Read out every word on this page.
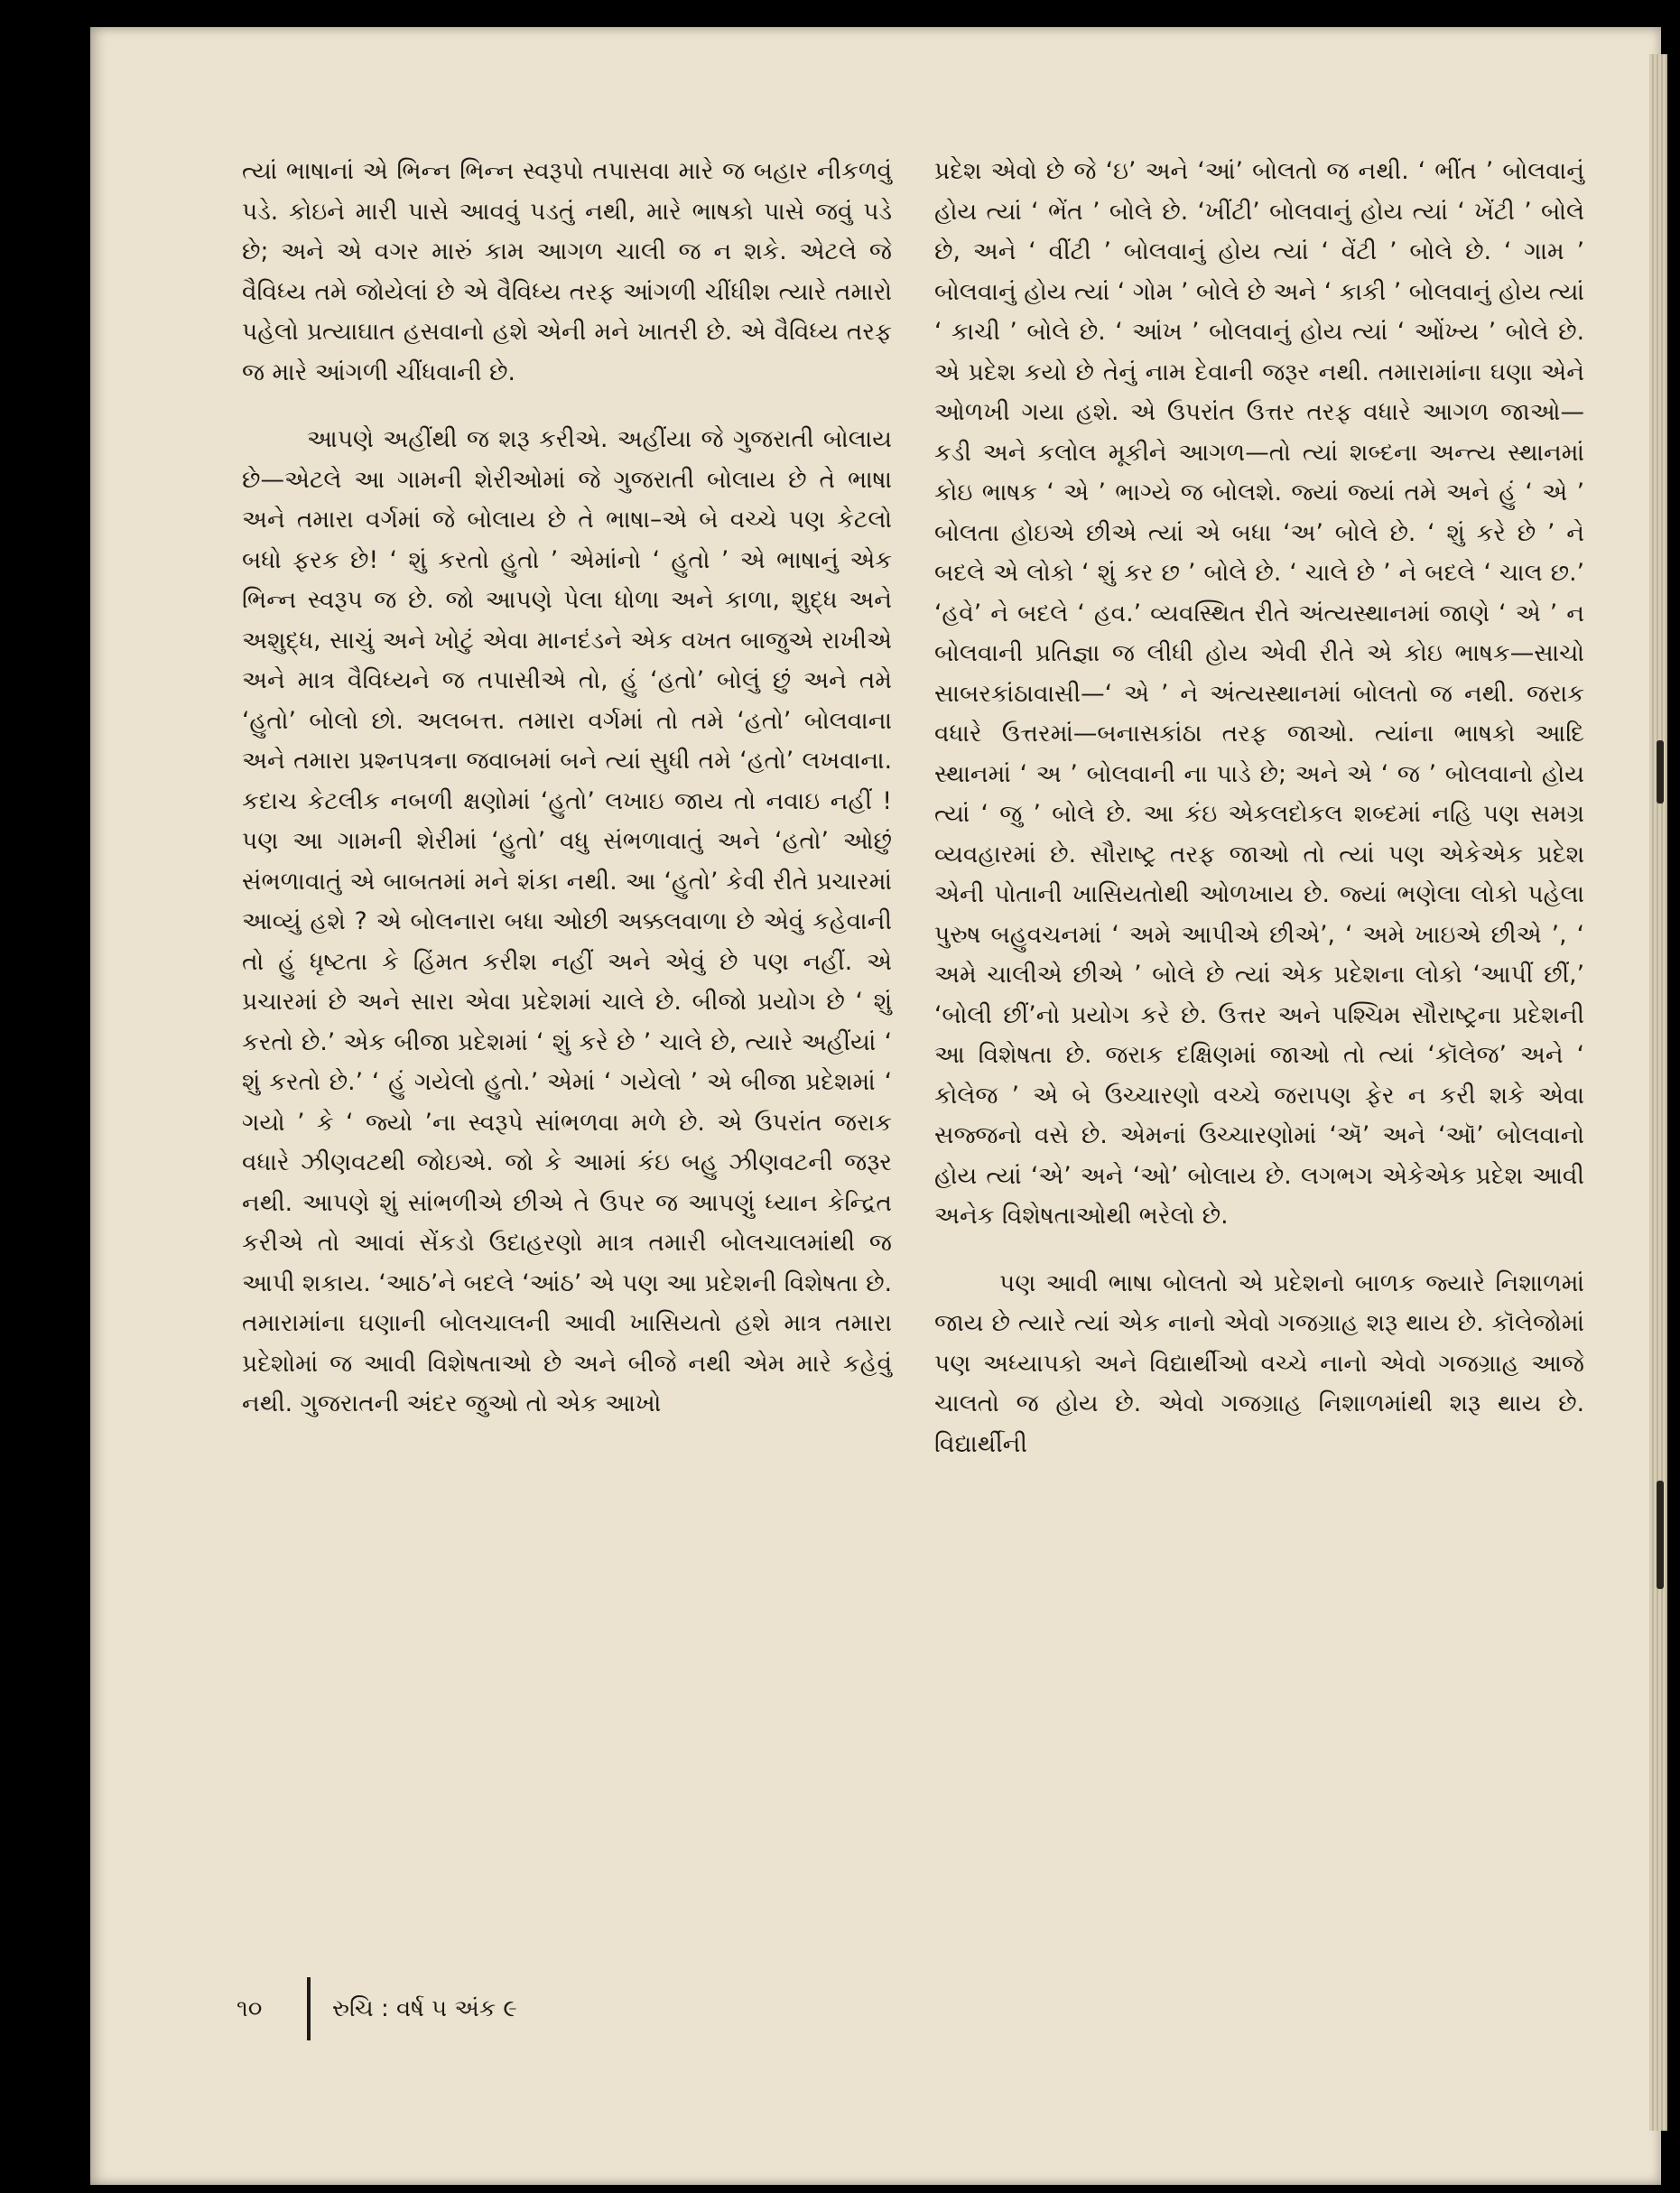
ત્યાં ભાષાનાં એ ભિન્ન ભિન્ન સ્વરૂપો તપાસવા મારે જ બહાર નીકળવું પડે. કોઇને મારી પાસે આવવું પડતું નથી, મારે ભાષકો પાસે જવું પડે છે; અને એ વગર મારું કામ આગળ ચાલી જ ન શકે. એટલે જે વૈવિધ્ય તમે જોયેલાં છે એ વૈવિધ્ય તરફ આંગળી ચીંધીશ ત્યારે તમારો પહેલો પ્રત્યાઘાત હસવાનો હશે એની મને ખાતરી છે. એ વૈવિધ્ય તરફ જ મારે આંગળી ચીંધવાની છે.

આપણે અહીંથી જ શરૂ કરીએ. અહીંયા જે ગુજરાતી બોલાય છે—એટલે આ ગામની શેરીઓમાં જે ગુજરાતી બોલાય છે તે ભાષા અને તમારા વર્ગમાં જે બોલાય છે તે ભાષા–એ બે વચ્ચે પણ કેટલો બધો ફરક છે! ‘ શું કરતો હુતો ’ એમાંનો ‘ હુતો ’ એ ભાષાનું એક ભિન્ન સ્વરૂપ જ છે. જો આપણે પેલા ધોળા અને કાળા, શુદ્ધ અને અશુદ્ધ, સાચું અને ખોટું એવા માનદંડને એક વખત બાજુએ રાખીએ અને માત્ર વૈવિધ્યને જ તપાસીએ તો, હું ‘હતો’ બોલું છું અને તમે ‘હુતો’ બોલો છો. અલબત્ત. તમારા વર્ગમાં તો તમે ‘હતો’ બોલવાના અને તમારા પ્રશ્નપત્રના જવાબમાં બને ત્યાં સુધી તમે ‘હતો’ લખવાના. કદાચ કેટલીક નબળી ક્ષણોમાં ‘હુતો’ લખાઇ જાય તો નવાઇ નહીં ! પણ આ ગામની શેરીમાં ‘હુતો’ વધુ સંભળાવાતું અને ‘હતો’ ઓછું સંભળાવાતું એ બાબતમાં મને શંકા નથી. આ ‘હુતો’ કેવી રીતે પ્રચારમાં આવ્યું હશે ? એ બોલનારા બધા ઓછી અક્કલવાળા છે એવું કહેવાની તો હું ધૃષ્ટતા કે હિંમત કરીશ નહીં અને એવું છે પણ નહીં. એ પ્રચારમાં છે અને સારા એવા પ્રદેશમાં ચાલે છે. બીજો પ્રયોગ છે ‘ શું કરતો છે.’ એક બીજા પ્રદેશમાં ‘ શું કરે છે ’ ચાલે છે, ત્યારે અહીંયાં ‘ શું કરતો છે.’ ‘ હું ગયેલો હુતો.’ એમાં ‘ ગયેલો ’ એ બીજા પ્રદેશમાં ‘ ગયો ’ કે ‘ જ્યો ’ના સ્વરૂપે સાંભળવા મળે છે. એ ઉપરાંત જરાક વધારે ઝીણવટથી જોઇએ. જો કે આમાં કંઇ બહુ ઝીણવટની જરૂર નથી. આપણે શું સાંભળીએ છીએ તે ઉપર જ આપણું ધ્યાન કેન્દ્રિત કરીએ તો આવાં સેંકડો ઉદાહરણો માત્ર તમારી બોલચાલમાંથી જ આપી શકાય. ‘આઠ’ને બદલે ‘આંઠ’ એ પણ આ પ્રદેશની વિશેષતા છે. તમારામાંના ઘણાની બોલચાલની આવી ખાસિયતો હશે માત્ર તમારા પ્રદેશોમાં જ આવી વિશેષતાઓ છે અને બીજે નથી એમ મારે કહેવું નથી. ગુજરાતની અંદર જુઓ તો એક આખો

પ્રદેશ એવો છે જે ‘ઇ’ અને ‘આં’ બોલતો જ નથી. ‘ ભીંત ’ બોલવાનું હોય ત્યાં ‘ ભેંત ’ બોલે છે. ‘ખીંટી’ બોલવાનું હોય ત્યાં ‘ ખેંટી ’ બોલે છે, અને ‘ વીંટી ’ બોલવાનું હોય ત્યાં ‘ વેંટી ’ બોલે છે. ‘ ગામ ’ બોલવાનું હોય ત્યાં ‘ ગોમ ’ બોલે છે અને ‘ કાકી ’ બોલવાનું હોય ત્યાં ‘ કાચી ’ બોલે છે. ‘ આંખ ’ બોલવાનું હોય ત્યાં ‘ ઓંખ્ય ’ બોલે છે. એ પ્રદેશ કયો છે તેનું નામ દેવાની જરૂર નથી. તમારામાંના ઘણા એને ઓળખી ગયા હશે. એ ઉપરાંત ઉત્તર તરફ વધારે આગળ જાઓ—કડી અને કલોલ મૂકીને આગળ—તો ત્યાં શબ્દના અન્ત્ય સ્થાનમાં કોઇ ભાષક ‘ એ ’ ભાગ્યે જ બોલશે. જ્યાં જ્યાં તમે અને હું ‘ એ ’ બોલતા હોઇએ છીએ ત્યાં એ બધા ‘અ’ બોલે છે. ‘ શું કરે છે ’ ને બદલે એ લોકો ‘ શું કર છ ’ બોલે છે. ‘ ચાલે છે ’ ને બદલે ‘ ચાલ છ.’ ‘હવે’ ને બદલે ‘ હવ.’ વ્યવસ્થિત રીતે અંત્યસ્થાનમાં જાણે ‘ એ ’ ન બોલવાની પ્રતિજ્ઞા જ લીધી હોય એવી રીતે એ કોઇ ભાષક—સાચો સાબરકાંઠાવાસી—‘ એ ’ ને અંત્યસ્થાનમાં બોલતો જ નથી. જરાક વધારે ઉત્તરમાં—બનાસકાંઠા તરફ જાઓ. ત્યાંના ભાષકો આદિ સ્થાનમાં ‘ અ ’ બોલવાની ના પાડે છે; અને એ ‘ જ ’ બોલવાનો હોય ત્યાં ‘ જુ ’ બોલે છે. આ કંઇ એકલદોકલ શબ્દમાં નહિ પણ સમગ્ર વ્યવહારમાં છે. સૌરાષ્ટ્ર તરફ જાઓ તો ત્યાં પણ એકેએક પ્રદેશ એની પોતાની ખાસિયતોથી ઓળખાય છે. જ્યાં ભણેલા લોકો પહેલા પુરુષ બહુવચનમાં ‘ અમે આપીએ છીએ’, ‘ અમે ખાઇએ છીએ ’, ‘ અમે ચાલીએ છીએ ’ બોલે છે ત્યાં એક પ્રદેશના લોકો ‘આપીં છીં,’ ‘બોલી છીં’નો પ્રયોગ કરે છે. ઉત્તર અને પશ્ચિમ સૌરાષ્ટ્રના પ્રદેશની આ વિશેષતા છે. જરાક દક્ષિણમાં જાઓ તો ત્યાં ‘કૉલેજ’ અને ‘ કોલેજ ’ એ બે ઉચ્ચારણો વચ્ચે જરાપણ ફેર ન કરી શકે એવા સજ્જનો વસે છે. એમનાં ઉચ્ચારણોમાં ‘ઍ’ અને ‘ઑ’ બોલવાનો હોય ત્યાં ‘એ’ અને ‘ઓ’ બોલાય છે. લગભગ એકેએક પ્રદેશ આવી અનેક વિશેષતાઓથી ભરેલો છે.

પણ આવી ભાષા બોલતો એ પ્રદેશનો બાળક જ્યારે નિશાળમાં જાય છે ત્યારે ત્યાં એક નાનો એવો ગજગ્રાહ શરૂ થાય છે. કૉલેજોમાં પણ અધ્યાપકો અને વિદ્યાર્થીઓ વચ્ચે નાનો એવો ગજગ્રાહ આજે ચાલતો જ હોય છે. એવો ગજગ્રાહ નિશાળમાંથી શરૂ થાય છે. વિદ્યાર્થીની

૧૦	રુચિ : વર્ષ ૫ અંક ૯
